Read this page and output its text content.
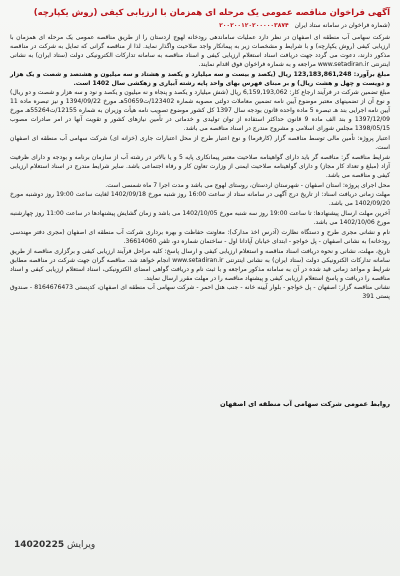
آگهی فراخوان مناقصه عمومی یک مرحله ای همزمان با ارزیابی کیفی (روش یکپارچه)
(شماره فراخوان در سامانه ستاد ایران ۲۰۰۲۰۰۱۲۰۲۰۰۰۰۰۳۸۷۴

شرکت سهامی آب منطقه ای اصفهان در نظر دارد عملیات ساماندهی رودخانه لهوج اردستان را از طریق مناقصه عمومی یک مرحله ای همزمان با ارزیابی کیفی (روش یکپارچه) و با شرایط و مشخصات زیر به پیمانکار واجد صلاحیت واگذار نماید. لذا از مناقصه گرانی که تمایل به شرکت در مناقصه مذکور دارند، دعوت می گردد جهت دریافت اسناد استعلام ارزیابی کیفی و اسناد مناقصه به سامانه تدارکات الکترونیکی دولت (ستاد ایران) به نشانی اینترنتی www.setadiran.ir مراجعه و به شماره فراخوان فوق اقدام نمایند.

مبلغ برآورد: 123,183,861,248 ریال (یکصد و بیست و سه میلیارد و یکصد و هشتاد و سه میلیون و هشتصد و شصت و یک هزار و دویست و چهل و هشت ریال) و بر مبنای فهرس بهای واحد پایه رشته آبیاری و زهکشی سال 1402 است.

مبلغ تضمین شرکت در فرآیند ارجاع کار: 6,159,193,062 ریال (شش میلیارد و یکصد و پنجاه و نه میلیون و یکصد و نود و سه هزار و شصت و دو ریال) و نوع آن از تضمینهای معتبر موضوع آیین نامه تضمین معاملات دولتی مصوبه شماره 123402/ت50659هـ مورخ 1394/09/22 و نیز تبصره ماده 11 آیین نامه اجرایی بند هـ تبصره 5 ماده واحده قانون بودجه سال 1397 کل کشور موضوع تصویب نامه هیأت وزیران به شماره 12155/ت55264هـ مورخ 1397/12/09 و بند الف ماده 9 قانون حداکثر استفاده از توان تولیدی و خدماتی در تأمین نیازهای کشور و تقویت آنها در امر صادرات مصوب 1398/05/15 مجلس شورای اسلامی و مشروح مندرج در اسناد مناقصه می باشد.

اعتبار پروژه: تأمین مالی توسط مناقصه گزار (کارفرما) و نوع اعتبار طرح از محل اعتبارات جاری (خزانه ای) شرکت سهامی آب منطقه ای اصفهان است.

شرایط مناقصه گر: مناقصه گر باید دارای گواهینامه صلاحیت معتبر پیمانکاری پایه 5 و یا بالاتر در رشته آب از سازمان برنامه و بودجه و دارای ظرفیت آزاد (مبلغ و تعداد کار مجاز) و دارای گواهینامه صلاحیت ایمنی از وزارت تعاون کار و رفاه اجتماعی باشد. سایر شرایط مندرج در اسناد استعلام ارزیابی کیفی و مناقصه می باشد.

محل اجرای پروژه: استان اصفهان - شهرستان اردستان، روستای لهوج می باشد و مدت اجرا 7 ماه شمسی است.

مهلت زمانی دریافت اسناد: از تاریخ درج آگهی در سامانه ستاد از ساعت 16:00 روز شنبه مورخ 1402/09/18 لغایت ساعت 19:00 روز دوشنبه مورخ 1402/09/20 می باشد.

آخرین مهلت ارسال پیشنهادها: تا ساعت 19:00 روز سه شنبه مورخ 1402/10/05 می باشد و زمان گشایش پیشنهادها در ساعت 11:00 روز چهارشنبه مورخ 1402/10/06 می باشد.

نام و نشانی مجری طرح و دستگاه نظارت (آدرس اخذ مدارک): معاونت حفاظت و بهره برداری شرکت آب منطقه ای اصفهان (مجری دفتر مهندسی رودخانه) به نشانی اصفهان - پل خواجو - ابتدای خیابان آپادانا اول - ساختمان شماره دو، تلفن 36614060.

تاریخ، مهلت، نشانی و نحوه دریافت اسناد مناقصه و استعلام ارزیابی کیفی و ارسال پاسخ: کلیه مراحل فرآیند ارزیابی کیفی و برگزاری مناقصه از طریق سامانه تدارکات الکترونیکی دولت (ستاد ایران) به نشانی اینترنتی www.setadiran.ir انجام خواهد شد. مناقصه گران جهت شرکت در مناقصه مطابق شرایط و مواعد زمانی قید شده در آن به سامانه مذکور مراجعه و با ثبت نام و دریافت گواهی امضای الکترونیکی، اسناد استعلام ارزیابی کیفی و اسناد مناقصه را دریافت و پاسخ استعلام ارزیابی کیفی و پیشنهاد مناقصه را در مهلت مقرر ارسال نمایند.

نشانی مناقصه گزار: اصفهان - پل خواجو - بلوار آیینه خانه - جنب هتل احمر - شرکت سهامی آب منطقه ای اصفهان، کدپستی 8164676473 - صندوق پستی 391

روابط عمومی شرکت سهامی آب منطقه ای اصفهان
14020225 ویرایش
